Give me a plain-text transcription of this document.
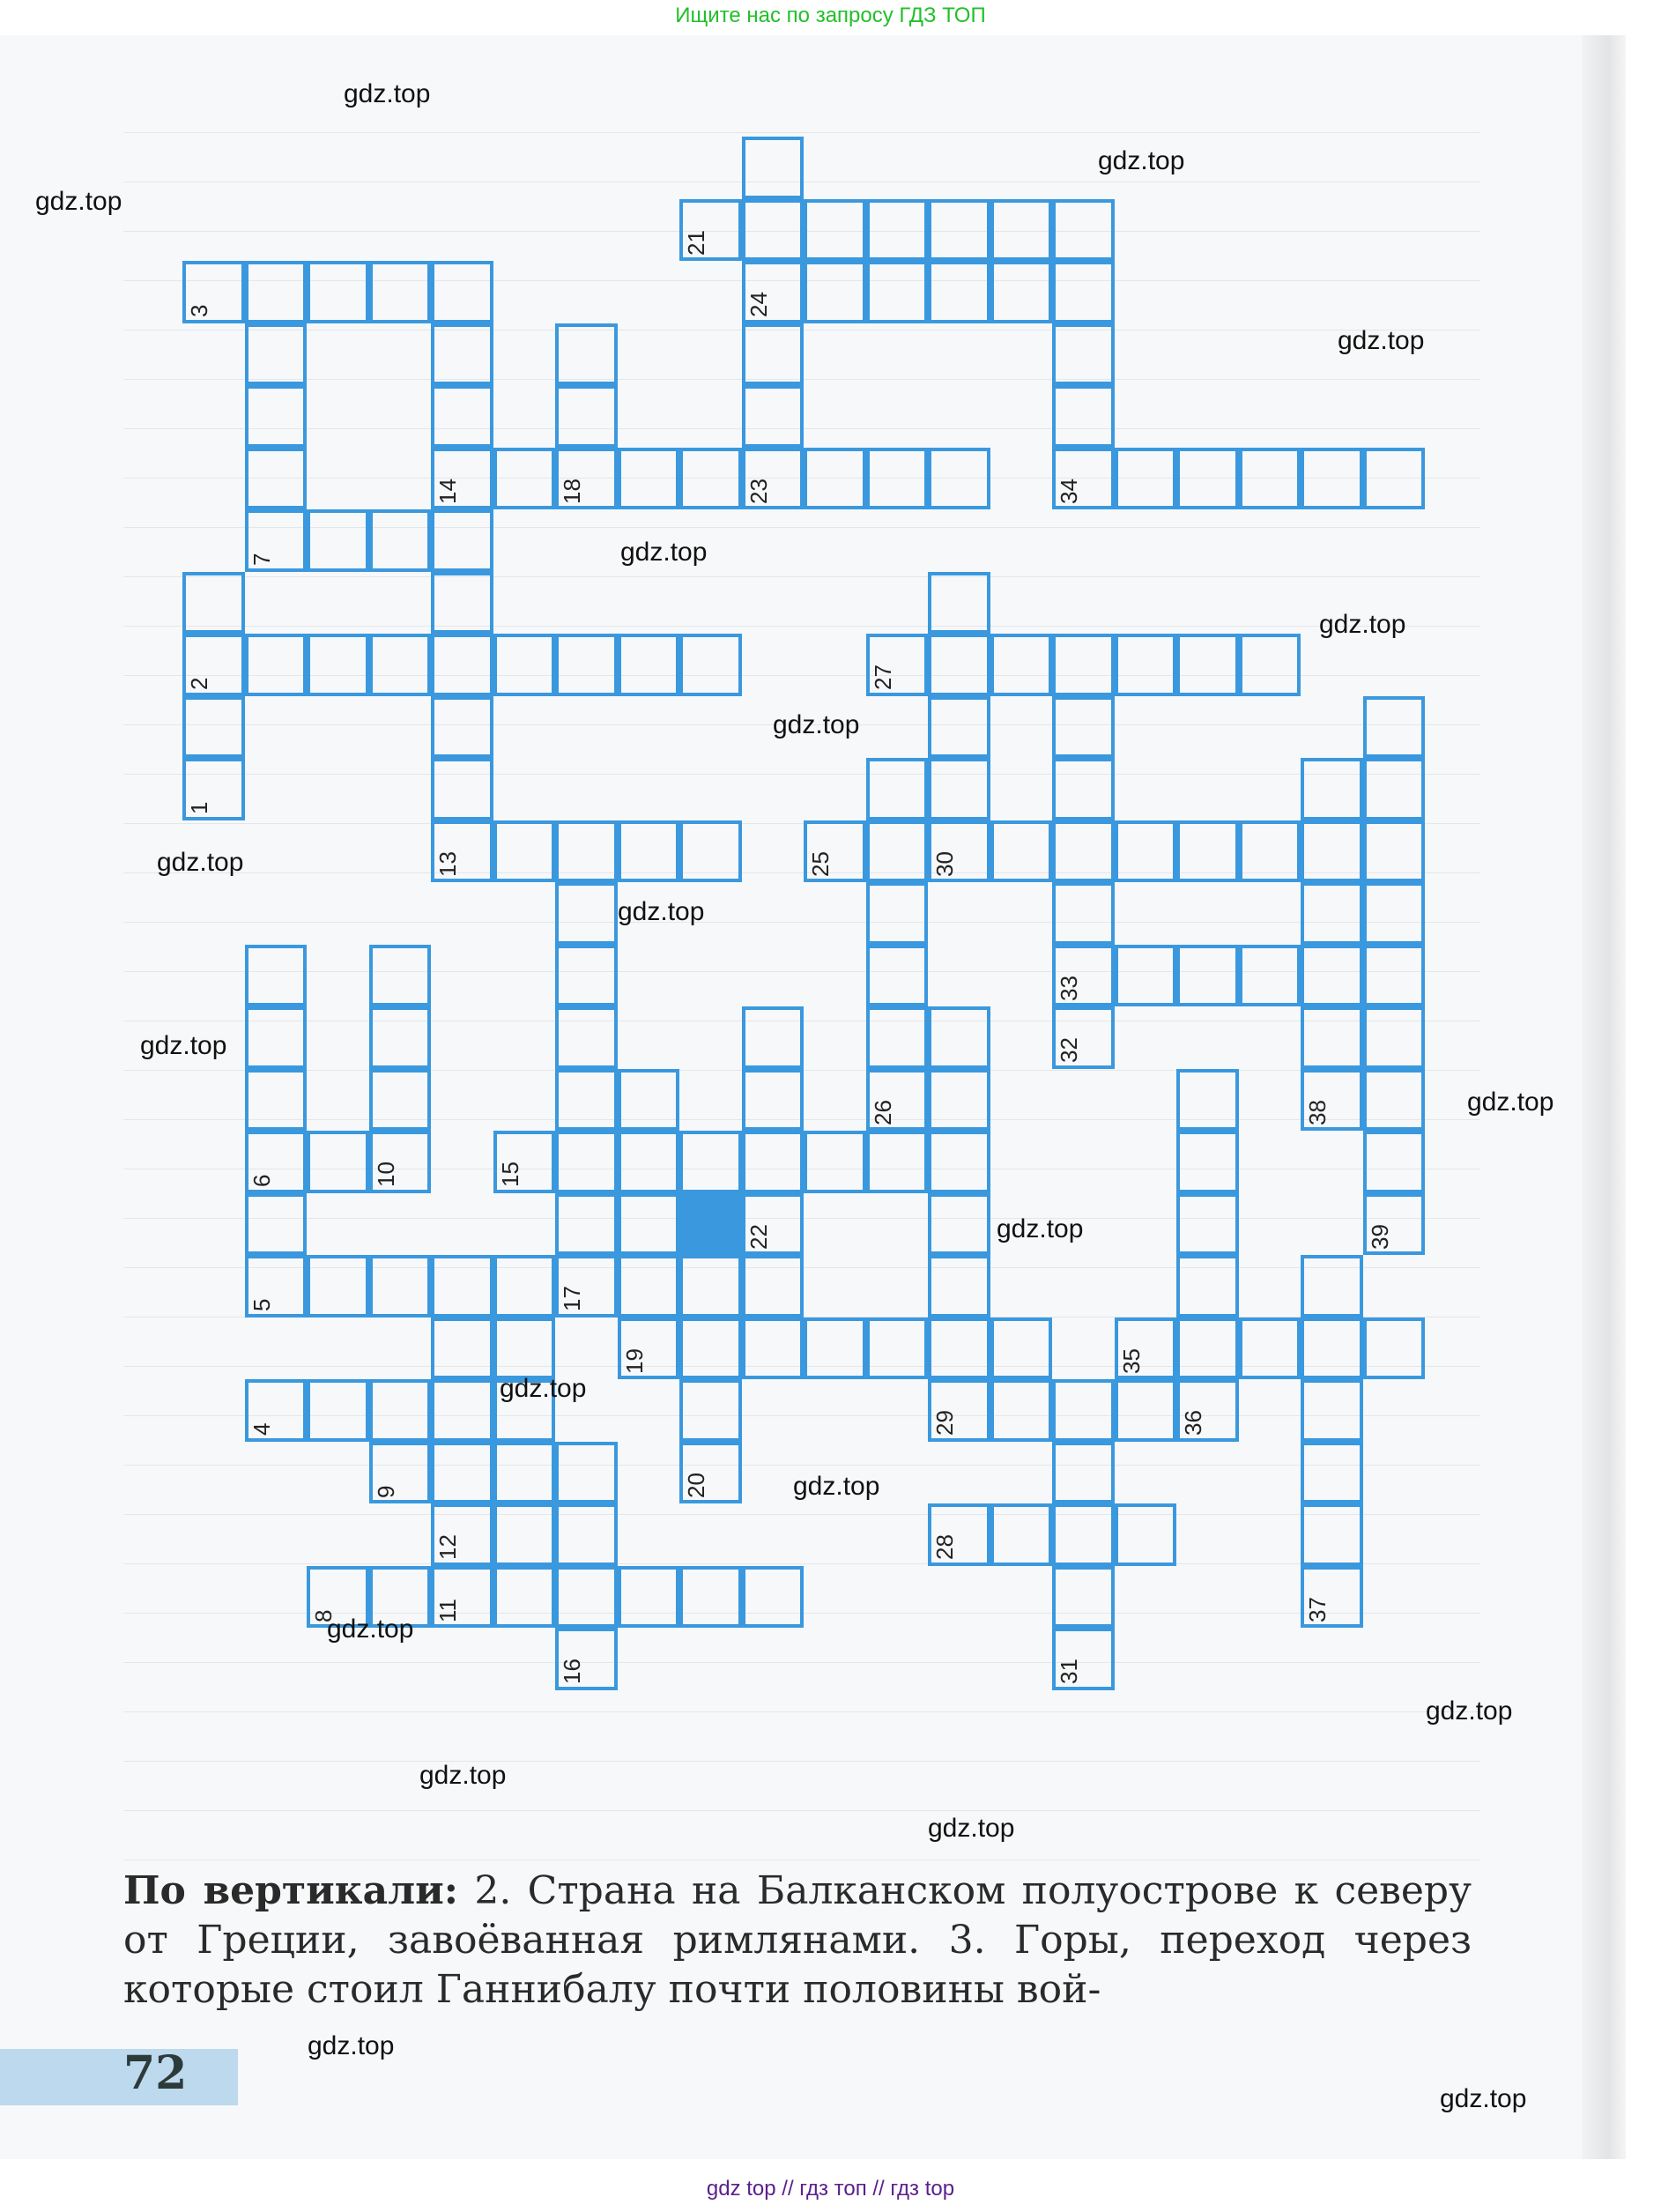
Ищите нас по запросу ГДЗ ТОП
1
2
3
4
5
6
7
8
9
10
11
12
13
14
15
16
17
18
19
20
21
22
23
24
25
26
27
28
29
30
31
32
33
34
35
36
37
38
39
gdz.top
gdz.top
gdz.top
gdz.top
gdz.top
gdz.top
gdz.top
gdz.top
gdz.top
gdz.top
gdz.top
gdz.top
gdz.top
gdz.top
gdz.top
gdz.top
gdz.top
gdz.top
gdz.top
gdz.top
По вертикали: 2. Страна на Балканском полуострове к северу от Греции, завоёванная римлянами. 3. Горы, переход через которые стоил Ганнибалу почти половины вой-
72
gdz top // гдз топ // гдз top
